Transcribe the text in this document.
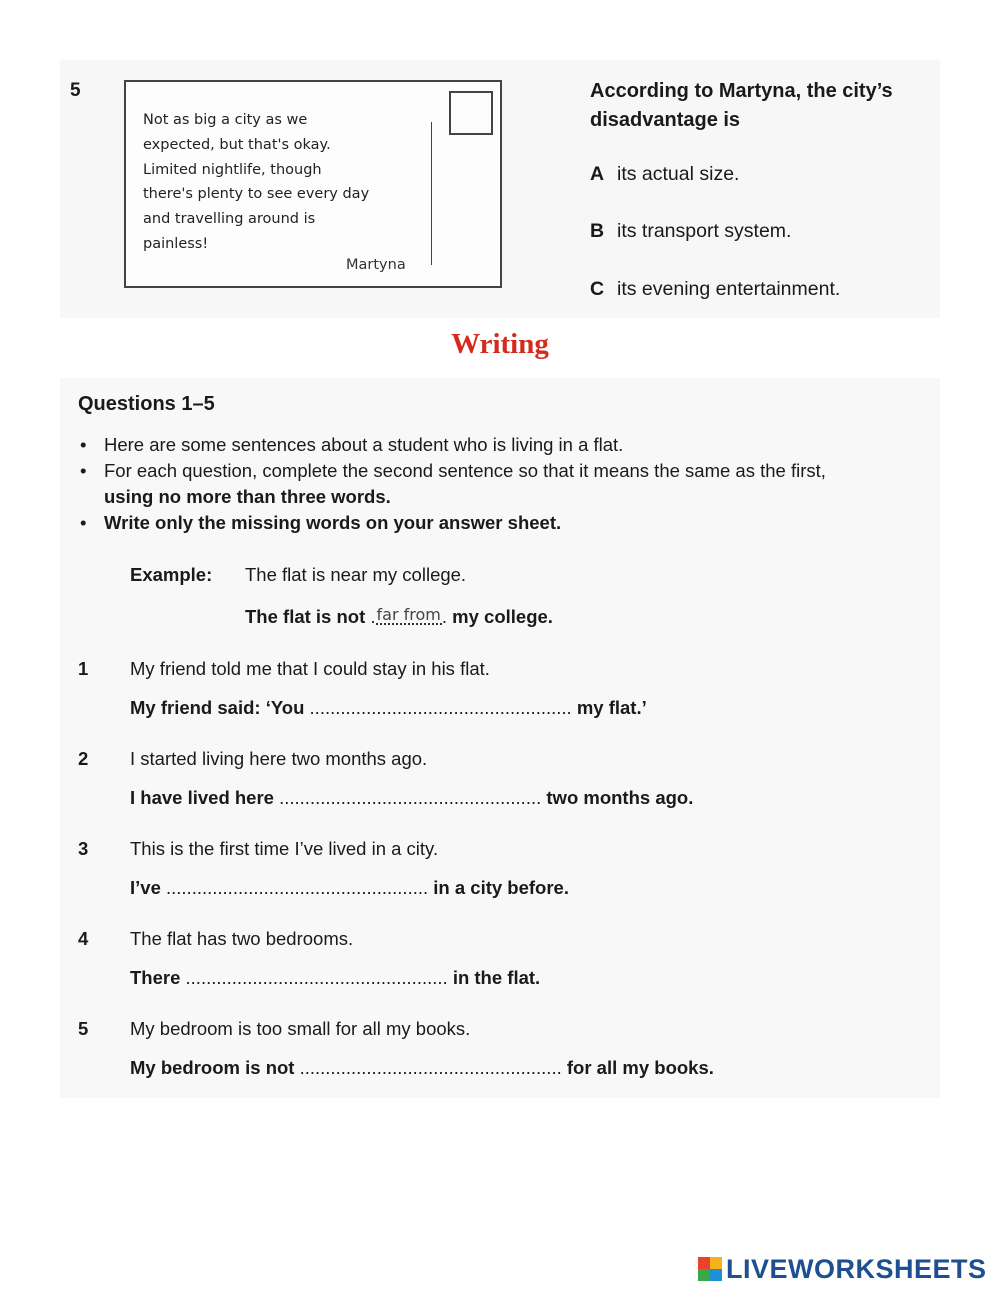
5
Not as big a city as we
expected, but that's okay.
Limited nightlife, though
there's plenty to see every day
and travelling around is
painless!
Martyna
According to Martyna, the city’s
disadvantage is
A its actual size.
B its transport system.
C its evening entertainment.
Writing
Questions 1–5
• Here are some sentences about a student who is living in a flat.
• For each question, complete the second sentence so that it means the same as the first,
using no more than three words.
• Write only the missing words on your answer sheet.
Example: The flat is near my college.
The flat is not .far from. my college.
1 My friend told me that I could stay in his flat.
My friend said: ‘You ................................................... my flat.’
2 I started living here two months ago.
I have lived here ................................................... two months ago.
3 This is the first time I’ve lived in a city.
I’ve ................................................... in a city before.
4 The flat has two bedrooms.
There ................................................... in the flat.
5 My bedroom is too small for all my books.
My bedroom is not ................................................... for all my books.
LIVEWORKSHEETS
